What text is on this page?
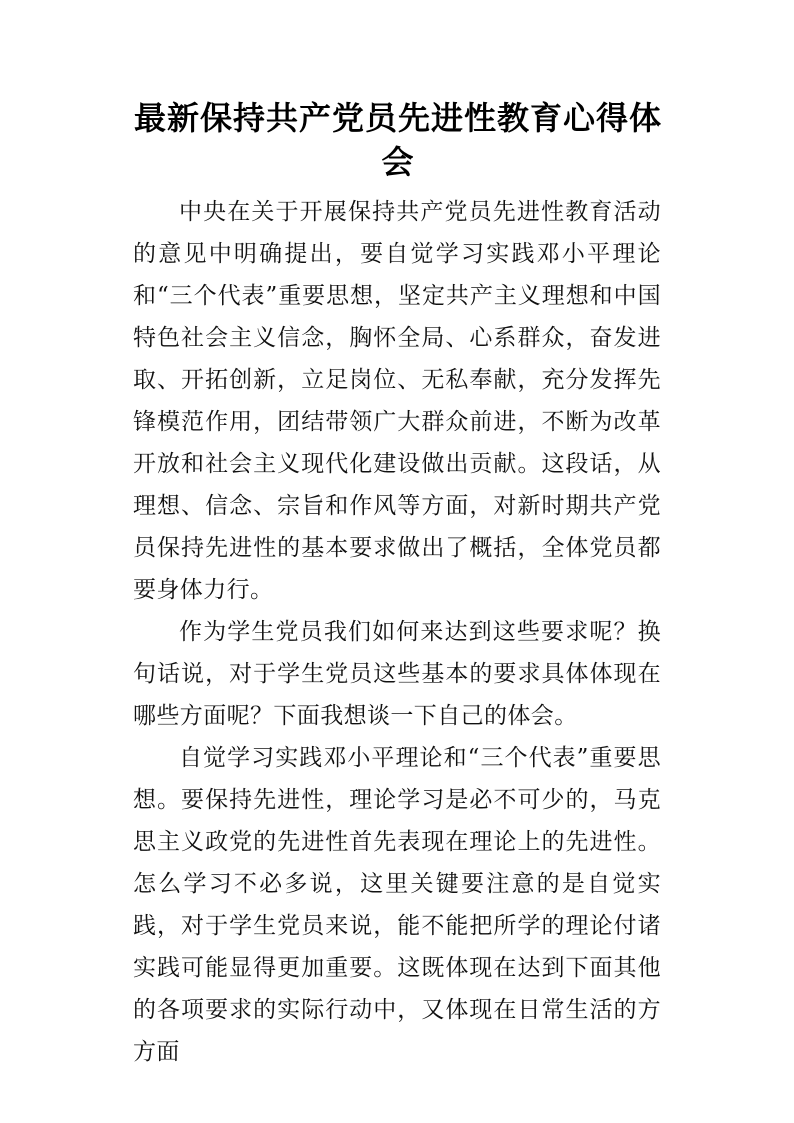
最新保持共产党员先进性教育心得体会

中央在关于开展保持共产党员先进性教育活动的意见中明确提出，要自觉学习实践邓小平理论和“三个代表”重要思想，坚定共产主义理想和中国特色社会主义信念，胸怀全局、心系群众，奋发进取、开拓创新，立足岗位、无私奉献，充分发挥先锋模范作用，团结带领广大群众前进，不断为改革开放和社会主义现代化建设做出贡献。这段话，从理想、信念、宗旨和作风等方面，对新时期共产党员保持先进性的基本要求做出了概括，全体党员都要身体力行。

作为学生党员我们如何来达到这些要求呢？换句话说，对于学生党员这些基本的要求具体体现在哪些方面呢？下面我想谈一下自己的体会。

自觉学习实践邓小平理论和“三个代表”重要思想。要保持先进性，理论学习是必不可少的，马克思主义政党的先进性首先表现在理论上的先进性。怎么学习不必多说，这里关键要注意的是自觉实践，对于学生党员来说，能不能把所学的理论付诸实践可能显得更加重要。这既体现在达到下面其他的各项要求的实际行动中，又体现在日常生活的方方面
